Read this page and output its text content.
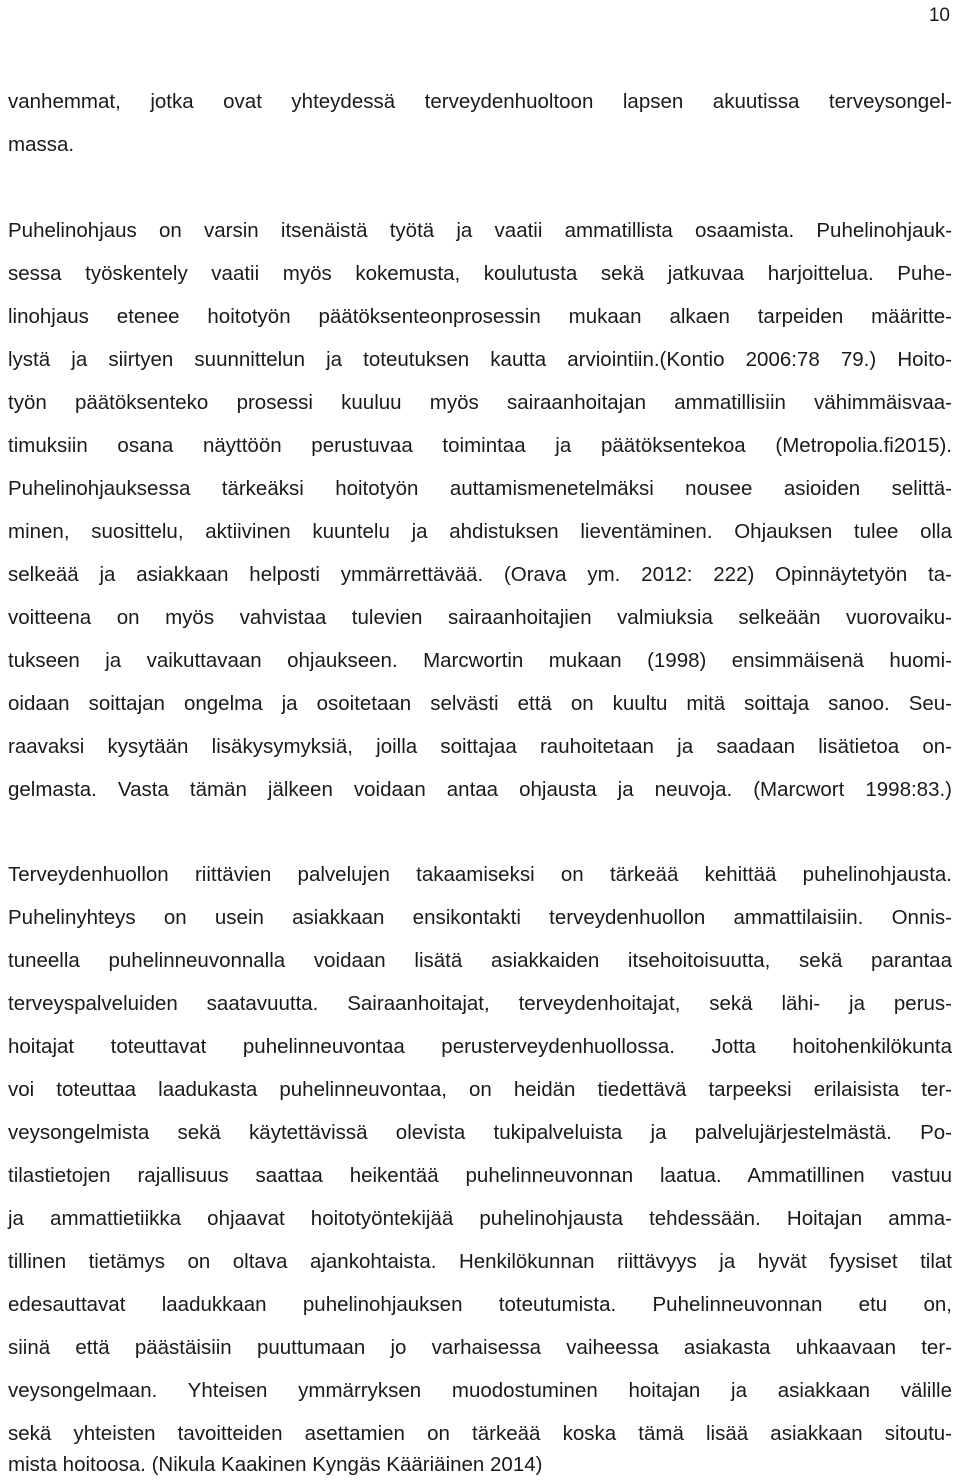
10
vanhemmat, jotka ovat yhteydessä terveydenhuoltoon lapsen akuutissa terveysongel-
massa.
Puhelinohjaus on varsin itsenäistä työtä ja vaatii ammatillista osaamista. Puhelinohjauk-
sessa työskentely vaatii myös kokemusta, koulutusta sekä jatkuvaa harjoittelua. Puhe-
linohjaus etenee hoitotyön päätöksenteonprosessin mukaan alkaen tarpeiden määritte-
lystä ja siirtyen suunnittelun ja toteutuksen kautta arviointiin.(Kontio 2006:78 79.) Hoito-
työn päätöksenteko prosessi kuuluu myös sairaanhoitajan ammatillisiin vähimmäisvaa-
timuksiin osana näyttöön perustuvaa toimintaa ja päätöksentekoa (Metropolia.fi2015).
Puhelinohjauksessa tärkeäksi hoitotyön auttamismenetelmäksi nousee asioiden selittä-
minen, suosittelu, aktiivinen kuuntelu ja ahdistuksen lieventäminen. Ohjauksen tulee olla
selkeää ja asiakkaan helposti ymmärrettävää. (Orava ym. 2012: 222) Opinnäytetyön ta-
voitteena on myös vahvistaa tulevien sairaanhoitajien valmiuksia selkeään vuorovaiku-
tukseen ja vaikuttavaan ohjaukseen. Marcwortin mukaan (1998) ensimmäisenä huomi-
oidaan soittajan ongelma ja osoitetaan selvästi että on kuultu mitä soittaja sanoo. Seu-
raavaksi kysytään lisäkysymyksiä, joilla soittajaa rauhoitetaan ja saadaan lisätietoa on-
gelmasta. Vasta tämän jälkeen voidaan antaa ohjausta ja neuvoja. (Marcwort 1998:83.)
Terveydenhuollon riittävien palvelujen takaamiseksi on tärkeää kehittää puhelinohjausta.
Puhelinyhteys on usein asiakkaan ensikontakti terveydenhuollon ammattilaisiin. Onnis-
tuneella puhelinneuvonnalla voidaan lisätä asiakkaiden itsehoitoisuutta, sekä parantaa
terveyspalveluiden saatavuutta. Sairaanhoitajat, terveydenhoitajat, sekä lähi- ja perus-
hoitajat toteuttavat puhelinneuvontaa perusterveydenhuollossa. Jotta hoitohenkilökunta
voi toteuttaa laadukasta puhelinneuvontaa, on heidän tiedettävä tarpeeksi erilaisista ter-
veysongelmista sekä käytettävissä olevista tukipalveluista ja palvelujärjestelmästä. Po-
tilastietojen rajallisuus saattaa heikentää puhelinneuvonnan laatua. Ammatillinen vastuu
ja ammattietiikka ohjaavat hoitotyöntekijää puhelinohjausta tehdessään. Hoitajan amma-
tillinen tietämys on oltava ajankohtaista. Henkilökunnan riittävyys ja hyvät fyysiset tilat
edesauttavat laadukkaan puhelinohjauksen toteutumista. Puhelinneuvonnan etu on,
siinä että päästäisiin puuttumaan jo varhaisessa vaiheessa asiakasta uhkaavaan ter-
veysongelmaan. Yhteisen ymmärryksen muodostuminen hoitajan ja asiakkaan välille
sekä yhteisten tavoitteiden asettamien on tärkeää koska tämä lisää asiakkaan sitoutu-
mista hoitoosa. (Nikula Kaakinen Kyngäs Kääriäinen 2014)
